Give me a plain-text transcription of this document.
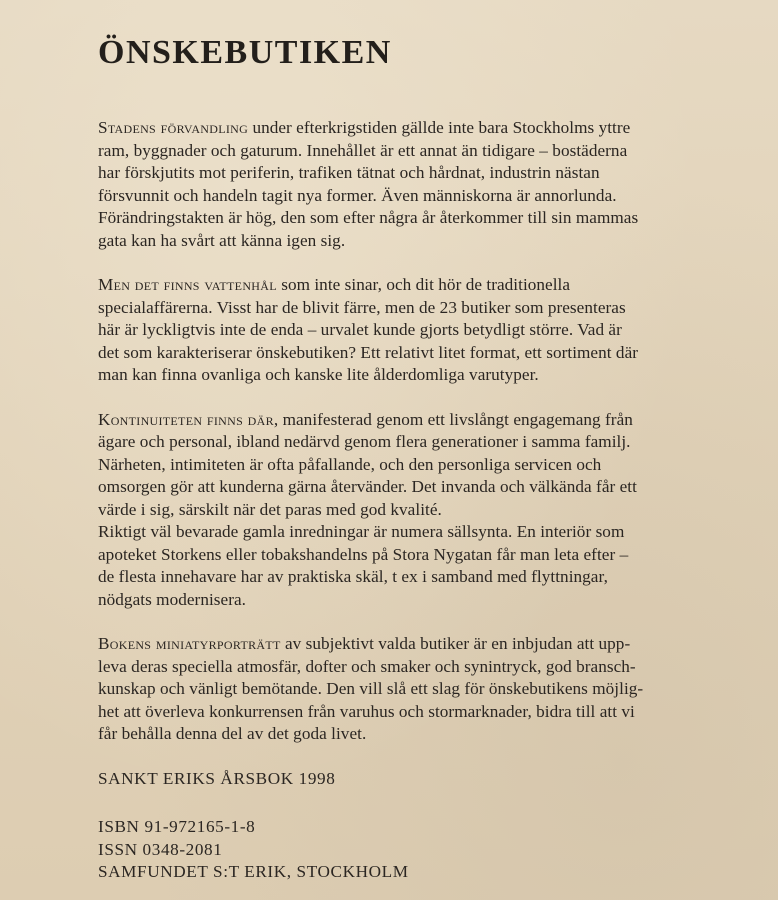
ÖNSKEBUTIKEN

Stadens förvandling under efterkrigstiden gällde inte bara Stockholms yttre
ram, byggnader och gaturum. Innehållet är ett annat än tidigare – bostäderna
har förskjutits mot periferin, trafiken tätnat och hårdnat, industrin nästan
försvunnit och handeln tagit nya former. Även människorna är annorlunda.
Förändringstakten är hög, den som efter några år återkommer till sin mammas
gata kan ha svårt att känna igen sig.

Men det finns vattenhål som inte sinar, och dit hör de traditionella
specialaffärerna. Visst har de blivit färre, men de 23 butiker som presenteras
här är lyckligtvis inte de enda – urvalet kunde gjorts betydligt större. Vad är
det som karakteriserar önskebutiken? Ett relativt litet format, ett sortiment där
man kan finna ovanliga och kanske lite ålderdomliga varutyper.

Kontinuiteten finns där, manifesterad genom ett livslångt engagemang från
ägare och personal, ibland nedärvd genom flera generationer i samma familj.
Närheten, intimiteten är ofta påfallande, och den personliga servicen och
omsorgen gör att kunderna gärna återvänder. Det invanda och välkända får ett
värde i sig, särskilt när det paras med god kvalité.
Riktigt väl bevarade gamla inredningar är numera sällsynta. En interiör som
apoteket Storkens eller tobakshandelns på Stora Nygatan får man leta efter –
de flesta innehavare har av praktiska skäl, t ex i samband med flyttningar,
nödgats modernisera.

Bokens miniatyrporträtt av subjektivt valda butiker är en inbjudan att upp-
leva deras speciella atmosfär, dofter och smaker och synintryck, god bransch-
kunskap och vänligt bemötande. Den vill slå ett slag för önskebutikens möjlig-
het att överleva konkurrensen från varuhus och stormarknader, bidra till att vi
får behålla denna del av det goda livet.

SANKT ERIKS ÅRSBOK 1998
ISBN 91-972165-1-8
ISSN 0348-2081
SAMFUNDET S:T ERIK, STOCKHOLM
